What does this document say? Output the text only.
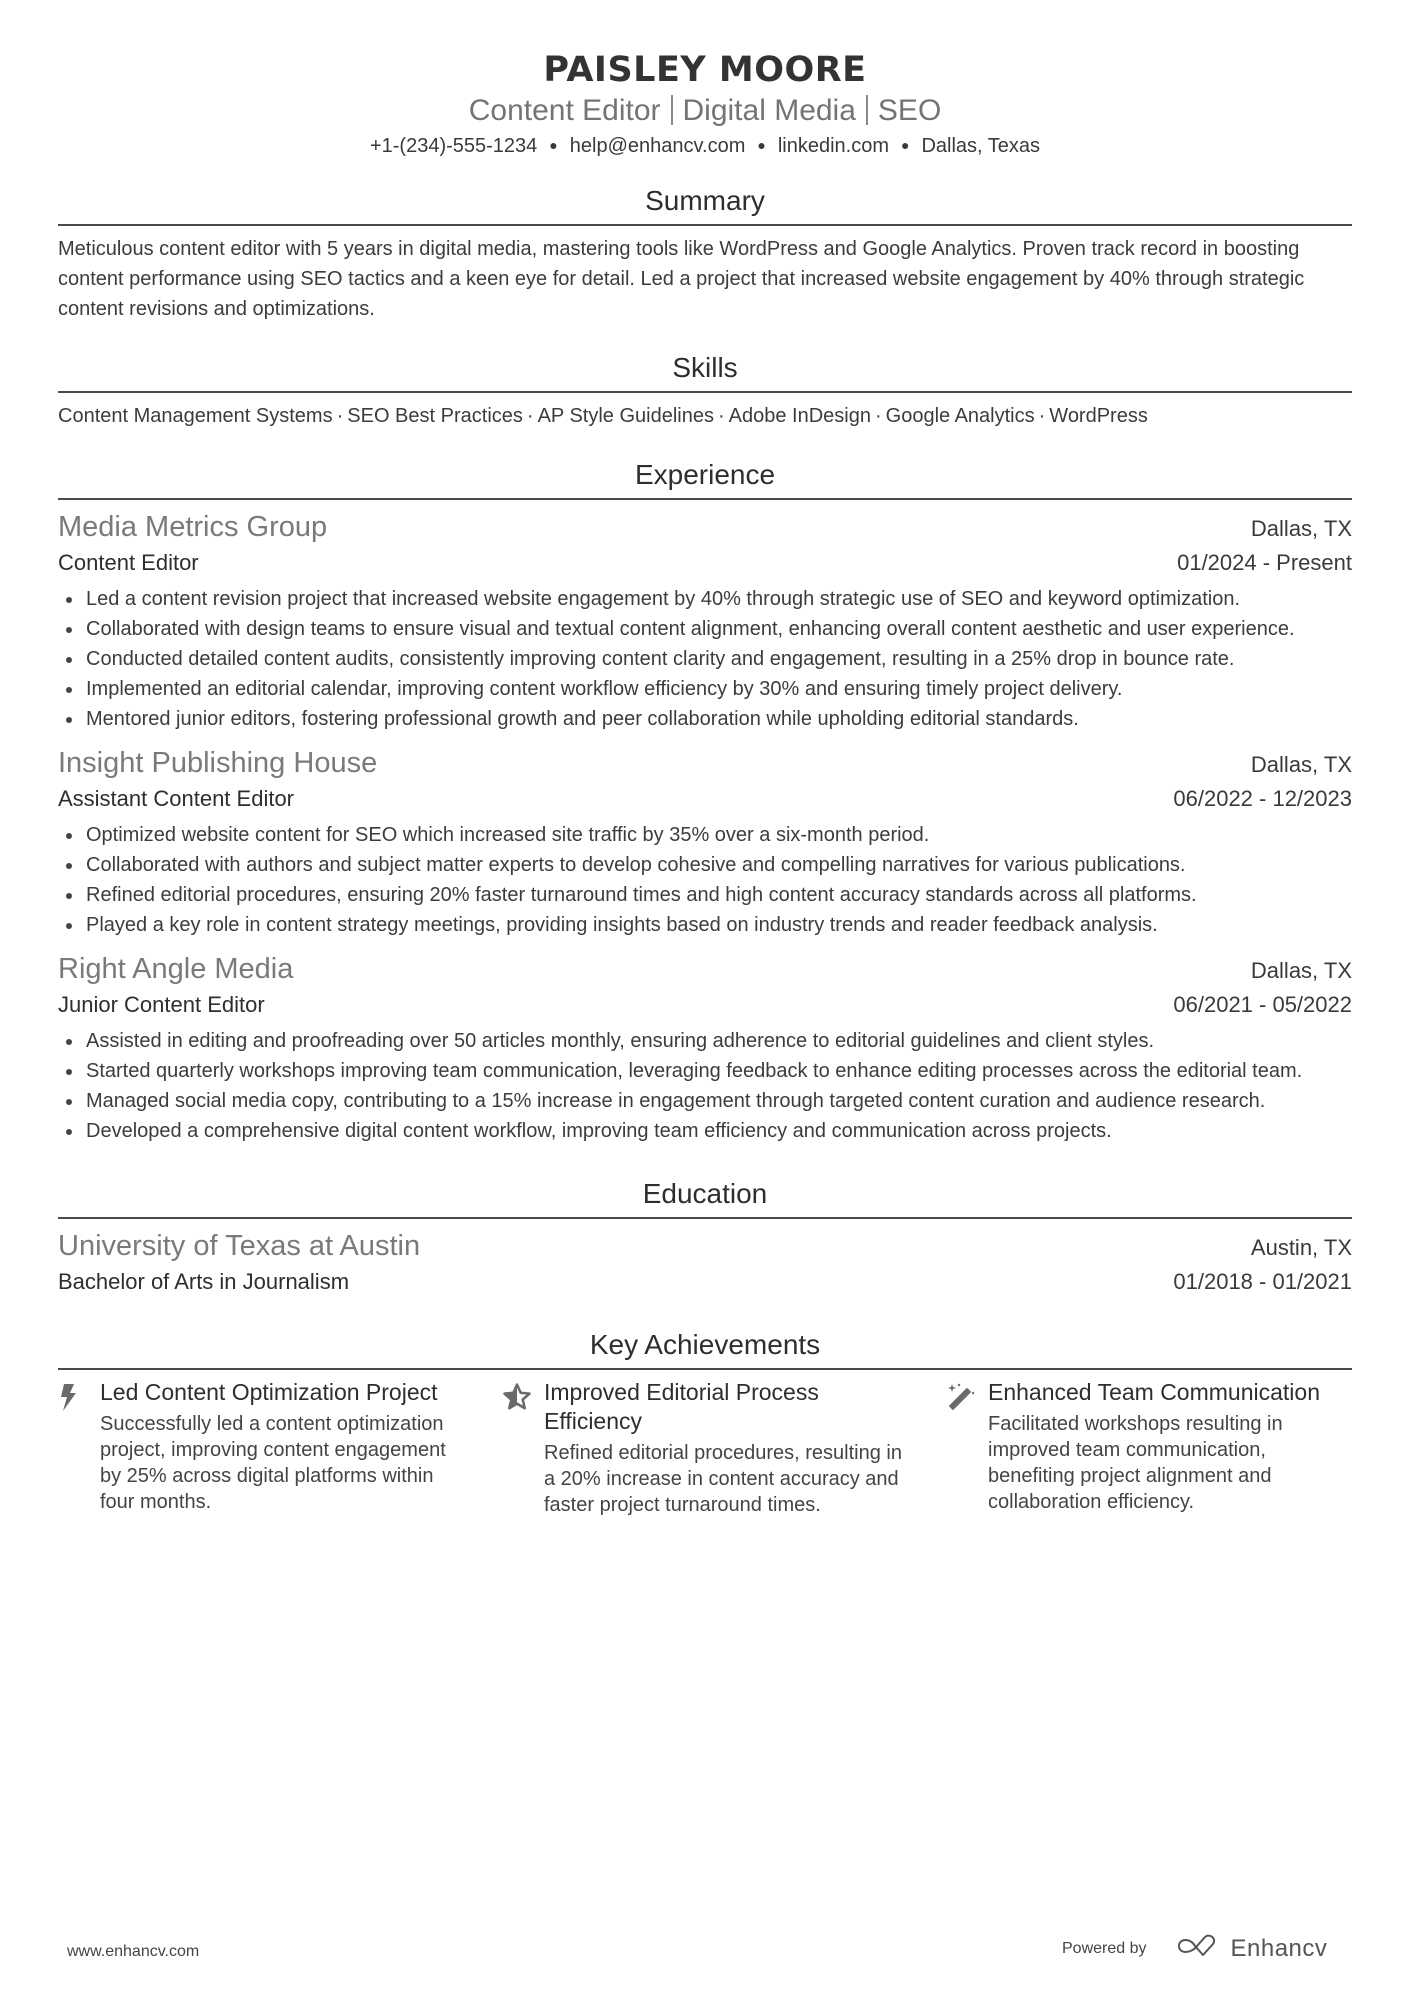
PAISLEY MOORE
Content Editor Digital Media SEO
+1-(234)-555-1234 ● help@enhancv.com ● linkedin.com ● Dallas, Texas
Summary
Meticulous content editor with 5 years in digital media, mastering tools like WordPress and Google Analytics. Proven track record in boosting content performance using SEO tactics and a keen eye for detail. Led a project that increased website engagement by 40% through strategic content revisions and optimizations.
Skills
Content Management Systems · SEO Best Practices · AP Style Guidelines · Adobe InDesign · Google Analytics · WordPress
Experience
Media Metrics Group	Dallas, TX
Content Editor	01/2024 - Present
Led a content revision project that increased website engagement by 40% through strategic use of SEO and keyword optimization.
Collaborated with design teams to ensure visual and textual content alignment, enhancing overall content aesthetic and user experience.
Conducted detailed content audits, consistently improving content clarity and engagement, resulting in a 25% drop in bounce rate.
Implemented an editorial calendar, improving content workflow efficiency by 30% and ensuring timely project delivery.
Mentored junior editors, fostering professional growth and peer collaboration while upholding editorial standards.
Insight Publishing House	Dallas, TX
Assistant Content Editor	06/2022 - 12/2023
Optimized website content for SEO which increased site traffic by 35% over a six-month period.
Collaborated with authors and subject matter experts to develop cohesive and compelling narratives for various publications.
Refined editorial procedures, ensuring 20% faster turnaround times and high content accuracy standards across all platforms.
Played a key role in content strategy meetings, providing insights based on industry trends and reader feedback analysis.
Right Angle Media	Dallas, TX
Junior Content Editor	06/2021 - 05/2022
Assisted in editing and proofreading over 50 articles monthly, ensuring adherence to editorial guidelines and client styles.
Started quarterly workshops improving team communication, leveraging feedback to enhance editing processes across the editorial team.
Managed social media copy, contributing to a 15% increase in engagement through targeted content curation and audience research.
Developed a comprehensive digital content workflow, improving team efficiency and communication across projects.
Education
University of Texas at Austin	Austin, TX
Bachelor of Arts in Journalism	01/2018 - 01/2021
Key Achievements
Led Content Optimization Project
Successfully led a content optimization project, improving content engagement by 25% across digital platforms within four months.
Improved Editorial Process Efficiency
Refined editorial procedures, resulting in a 20% increase in content accuracy and faster project turnaround times.
Enhanced Team Communication
Facilitated workshops resulting in improved team communication, benefiting project alignment and collaboration efficiency.
www.enhancv.com	Powered by	Enhancv
